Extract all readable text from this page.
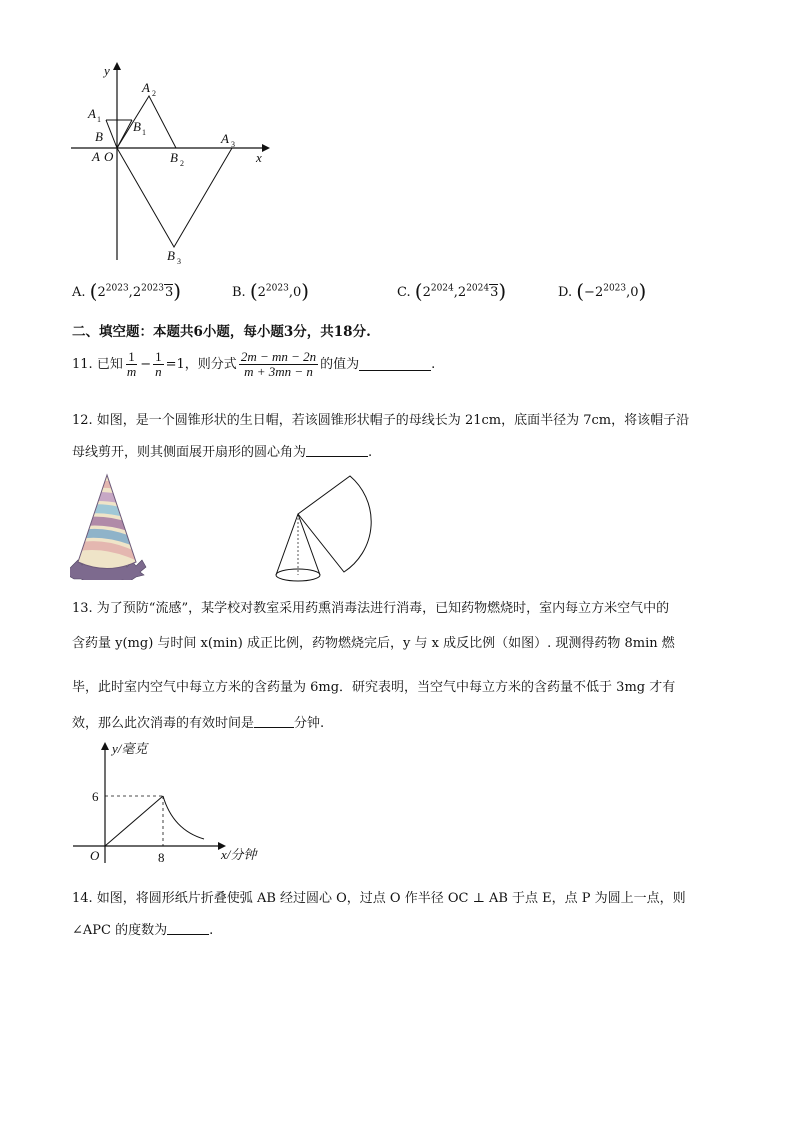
y
x
A 2
A 1 B 1
B
A O	B 2
A 3
B 3
A. $(2^{2023},2^{2023}3)$	B. $(2^{2023},0)$	C. $(2^{2024},2^{2024}3)$	D. $(-2^{2023},0)$
二、填空题：本题共6小题，每小题3分，共18分.
11.
已知 $\frac{1}{m} - \frac{1}{n} =1$，则分式 $\frac{2m - mn - 2n}{m + 3mn - n}$ 的值为	.
12. 如图，是一个圆锥形状的生日帽，若该圆锥形状帽子的母线长为 21cm，底面半径为 7cm，将该帽子沿
母线剪开，则其侧面展开扇形的圆心角为	.
13. 为了预防“流感”，某学校对教室采用药熏消毒法进行消毒，已知药物燃烧时，室内每立方米空气中的
含药量 y(mg) 与时间 x(min) 成正比例，药物燃烧完后，y 与 x 成反比例（如图）. 现测得药物 8min 燃
毕，此时室内空气中每立方米的含药量为 6mg．研究表明，当空气中每立方米的含药量不低于 3mg 才有
效，那么此次消毒的有效时间是	分钟.
y/毫克
x/分钟
O
6
8
14. 如图，将圆形纸片折叠使弧 AB 经过圆心 O，过点 O 作半径 OC ⊥ AB 于点 E，点 P 为圆上一点，则
∠APC 的度数为	.
